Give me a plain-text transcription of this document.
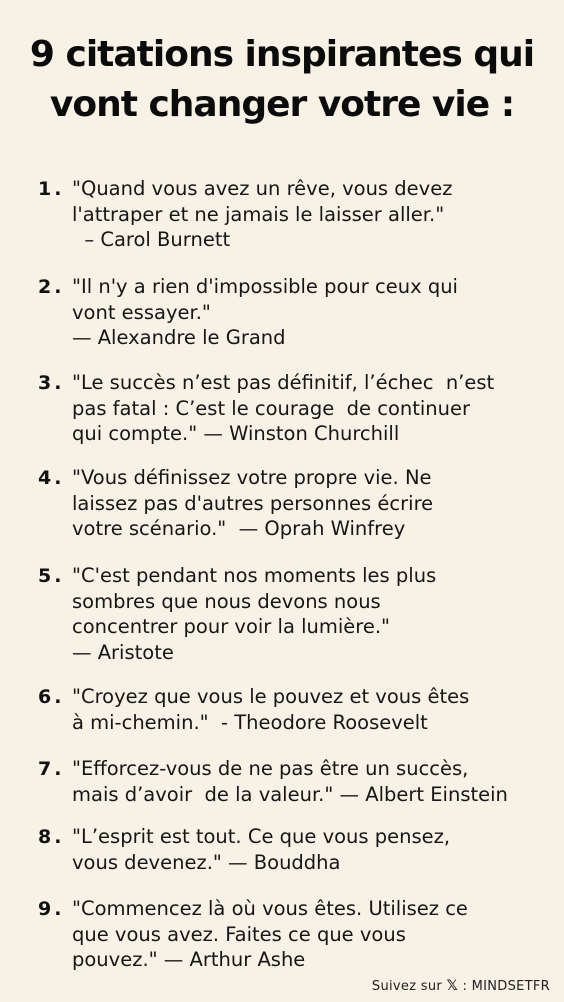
9 citations inspirantes qui
vont changer votre vie :
1. "Quand vous avez un rêve, vous devez
l'attraper et ne jamais le laisser aller."
– Carol Burnett
2. "Il n'y a rien d'impossible pour ceux qui
vont essayer."
— Alexandre le Grand
3. "Le succès n’est pas définitif, l’échec  n’est
pas fatal : C’est le courage  de continuer
qui compte." — Winston Churchill
4. "Vous définissez votre propre vie. Ne
laissez pas d'autres personnes écrire
votre scénario."  — Oprah Winfrey
5. "C'est pendant nos moments les plus
sombres que nous devons nous
concentrer pour voir la lumière."
— Aristote
6. "Croyez que vous le pouvez et vous êtes
à mi-chemin."  - Theodore Roosevelt
7. "Efforcez-vous de ne pas être un succès,
mais d’avoir  de la valeur." — Albert Einstein
8. "L’esprit est tout. Ce que vous pensez,
vous devenez." — Bouddha
9. "Commencez là où vous êtes. Utilisez ce
que vous avez. Faites ce que vous
pouvez." — Arthur Ashe
Suivez sur 𝕏 : MINDSETFR
